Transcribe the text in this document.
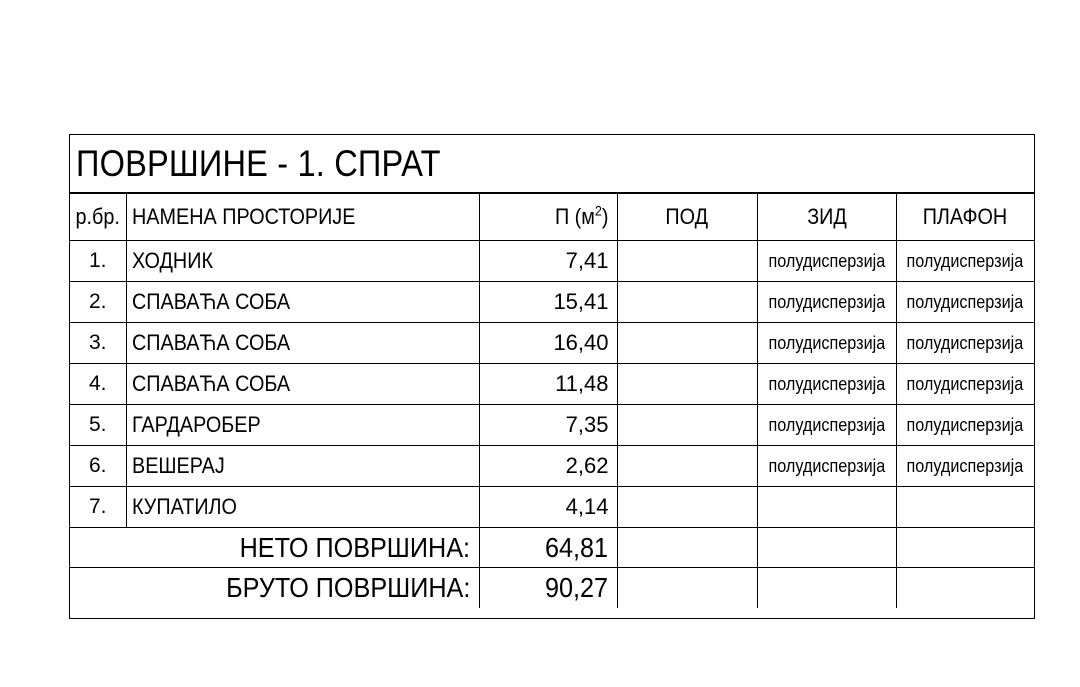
ПОВРШИНЕ - 1. СПРАТ
р.бр.	НАМЕНА ПРОСТОРИЈЕ	П $(м^2)$	ПОД	ЗИД	ПЛАФОН
1.	ХОДНИК	7,41		полудисперзија	полудисперзија
2.	СПАВАЋА СОБА	15,41		полудисперзија	полудисперзија
3.	СПАВАЋА СОБА	16,40		полудисперзија	полудисперзија
4.	СПАВАЋА СОБА	11,48		полудисперзија	полудисперзија
5.	ГАРДАРОБЕР	7,35		полудисперзија	полудисперзија
6.	ВЕШЕРАЈ	2,62		полудисперзија	полудисперзија
7.	КУПАТИЛО	4,14			
НЕТО ПОВРШИНА:		64,81			
БРУТО ПОВРШИНА:		90,27			
